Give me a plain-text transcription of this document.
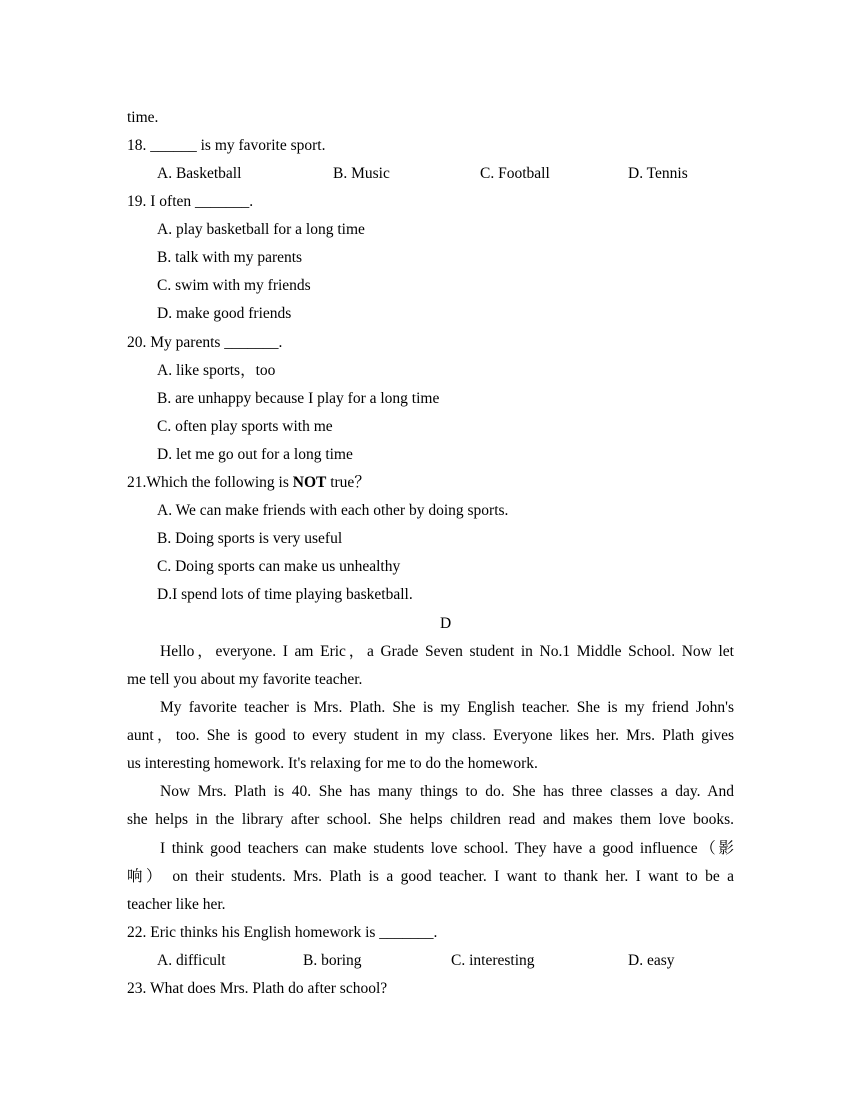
time.
18. ______ is my favorite sport.
A. Basketball	B. Music	C. Football	D. Tennis
19. I often _______.
A. play basketball for a long time
B. talk with my parents
C. swim with my friends
D. make good friends
20. My parents _______.
A. like sports，too
B. are unhappy because I play for a long time
C. often play sports with me
D. let me go out for a long time
21.Which the following is NOT true？
A. We can make friends with each other by doing sports.
B. Doing sports is very useful
C. Doing sports can make us unhealthy
D.I spend lots of time playing basketball.
D
Hello，everyone. I am Eric，a Grade Seven student in No.1 Middle School. Now let
me tell you about my favorite teacher.
My favorite teacher is Mrs. Plath. She is my English teacher. She is my friend John's
aunt，too. She is good to every student in my class. Everyone likes her. Mrs. Plath gives
us interesting homework. It's relaxing for me to do the homework.
Now Mrs. Plath is 40. She has many things to do. She has three classes a day. And
she helps in the library after school. She helps children read and makes them love books.
I think good teachers can make students love school. They have a good influence（影
响） on their students. Mrs. Plath is a good teacher. I want to thank her. I want to be a
teacher like her.
22. Eric thinks his English homework is _______.
A. difficult	B. boring	C. interesting	D. easy
23. What does Mrs. Plath do after school?
